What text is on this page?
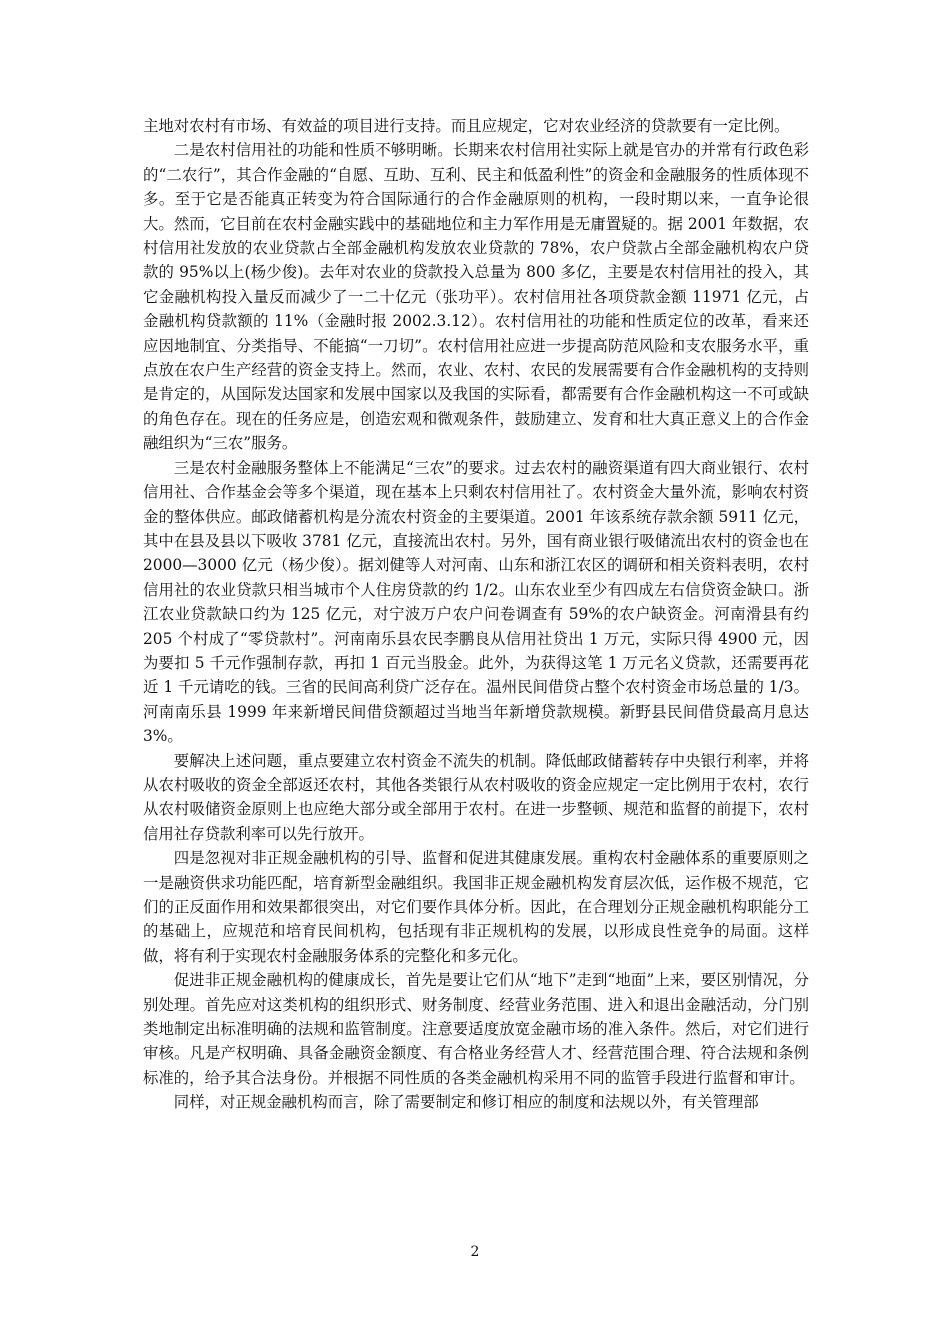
主地对农村有市场、有效益的项目进行支持。而且应规定，它对农业经济的贷款要有一定比例。

二是农村信用社的功能和性质不够明晰。长期来农村信用社实际上就是官办的并常有行政色彩的“二农行”，其合作金融的“自愿、互助、互利、民主和低盈利性”的资金和金融服务的性质体现不多。至于它是否能真正转变为符合国际通行的合作金融原则的机构，一段时期以来，一直争论很大。然而，它目前在农村金融实践中的基础地位和主力军作用是无庸置疑的。据 2001 年数据，农村信用社发放的农业贷款占全部金融机构发放农业贷款的 78%，农户贷款占全部金融机构农户贷款的 95%以上(杨少俊)。去年对农业的贷款投入总量为 800 多亿，主要是农村信用社的投入，其它金融机构投入量反而减少了一二十亿元（张功平）。农村信用社各项贷款金额 11971 亿元，占金融机构贷款额的 11%（金融时报 2002.3.12）。农村信用社的功能和性质定位的改革，看来还应因地制宜、分类指导、不能搞“一刀切”。农村信用社应进一步提高防范风险和支农服务水平，重点放在农户生产经营的资金支持上。然而，农业、农村、农民的发展需要有合作金融机构的支持则是肯定的，从国际发达国家和发展中国家以及我国的实际看，都需要有合作金融机构这一不可或缺的角色存在。现在的任务应是，创造宏观和微观条件，鼓励建立、发育和壮大真正意义上的合作金融组织为“三农”服务。

三是农村金融服务整体上不能满足“三农”的要求。过去农村的融资渠道有四大商业银行、农村信用社、合作基金会等多个渠道，现在基本上只剩农村信用社了。农村资金大量外流，影响农村资金的整体供应。邮政储蓄机构是分流农村资金的主要渠道。2001 年该系统存款余额 5911 亿元，其中在县及县以下吸收 3781 亿元，直接流出农村。另外，国有商业银行吸储流出农村的资金也在 2000—3000 亿元（杨少俊）。据刘健等人对河南、山东和浙江农区的调研和相关资料表明，农村信用社的农业贷款只相当城市个人住房贷款的约 1/2。山东农业至少有四成左右信贷资金缺口。浙江农业贷款缺口约为 125 亿元，对宁波万户农户问卷调查有 59%的农户缺资金。河南滑县有约 205 个村成了“零贷款村”。河南南乐县农民李鹏良从信用社贷出 1 万元，实际只得 4900 元，因为要扣 5 千元作强制存款，再扣 1 百元当股金。此外，为获得这笔 1 万元名义贷款，还需要再花近 1 千元请吃的钱。三省的民间高利贷广泛存在。温州民间借贷占整个农村资金市场总量的 1/3。河南南乐县 1999 年来新增民间借贷额超过当地当年新增贷款规模。新野县民间借贷最高月息达 3%。

要解决上述问题，重点要建立农村资金不流失的机制。降低邮政储蓄转存中央银行利率，并将从农村吸收的资金全部返还农村，其他各类银行从农村吸收的资金应规定一定比例用于农村，农行从农村吸储资金原则上也应绝大部分或全部用于农村。在进一步整顿、规范和监督的前提下，农村信用社存贷款利率可以先行放开。

四是忽视对非正规金融机构的引导、监督和促进其健康发展。重构农村金融体系的重要原则之一是融资供求功能匹配，培育新型金融组织。我国非正规金融机构发育层次低，运作极不规范，它们的正反面作用和效果都很突出，对它们要作具体分析。因此，在合理划分正规金融机构职能分工的基础上，应规范和培育民间机构，包括现有非正规机构的发展，以形成良性竞争的局面。这样做，将有利于实现农村金融服务体系的完整化和多元化。

促进非正规金融机构的健康成长，首先是要让它们从“地下”走到“地面”上来，要区别情况，分别处理。首先应对这类机构的组织形式、财务制度、经营业务范围、进入和退出金融活动，分门别类地制定出标准明确的法规和监管制度。注意要适度放宽金融市场的准入条件。然后，对它们进行审核。凡是产权明确、具备金融资金额度、有合格业务经营人才、经营范围合理、符合法规和条例标准的，给予其合法身份。并根据不同性质的各类金融机构采用不同的监管手段进行监督和审计。

同样，对正规金融机构而言，除了需要制定和修订相应的制度和法规以外，有关管理部

2
